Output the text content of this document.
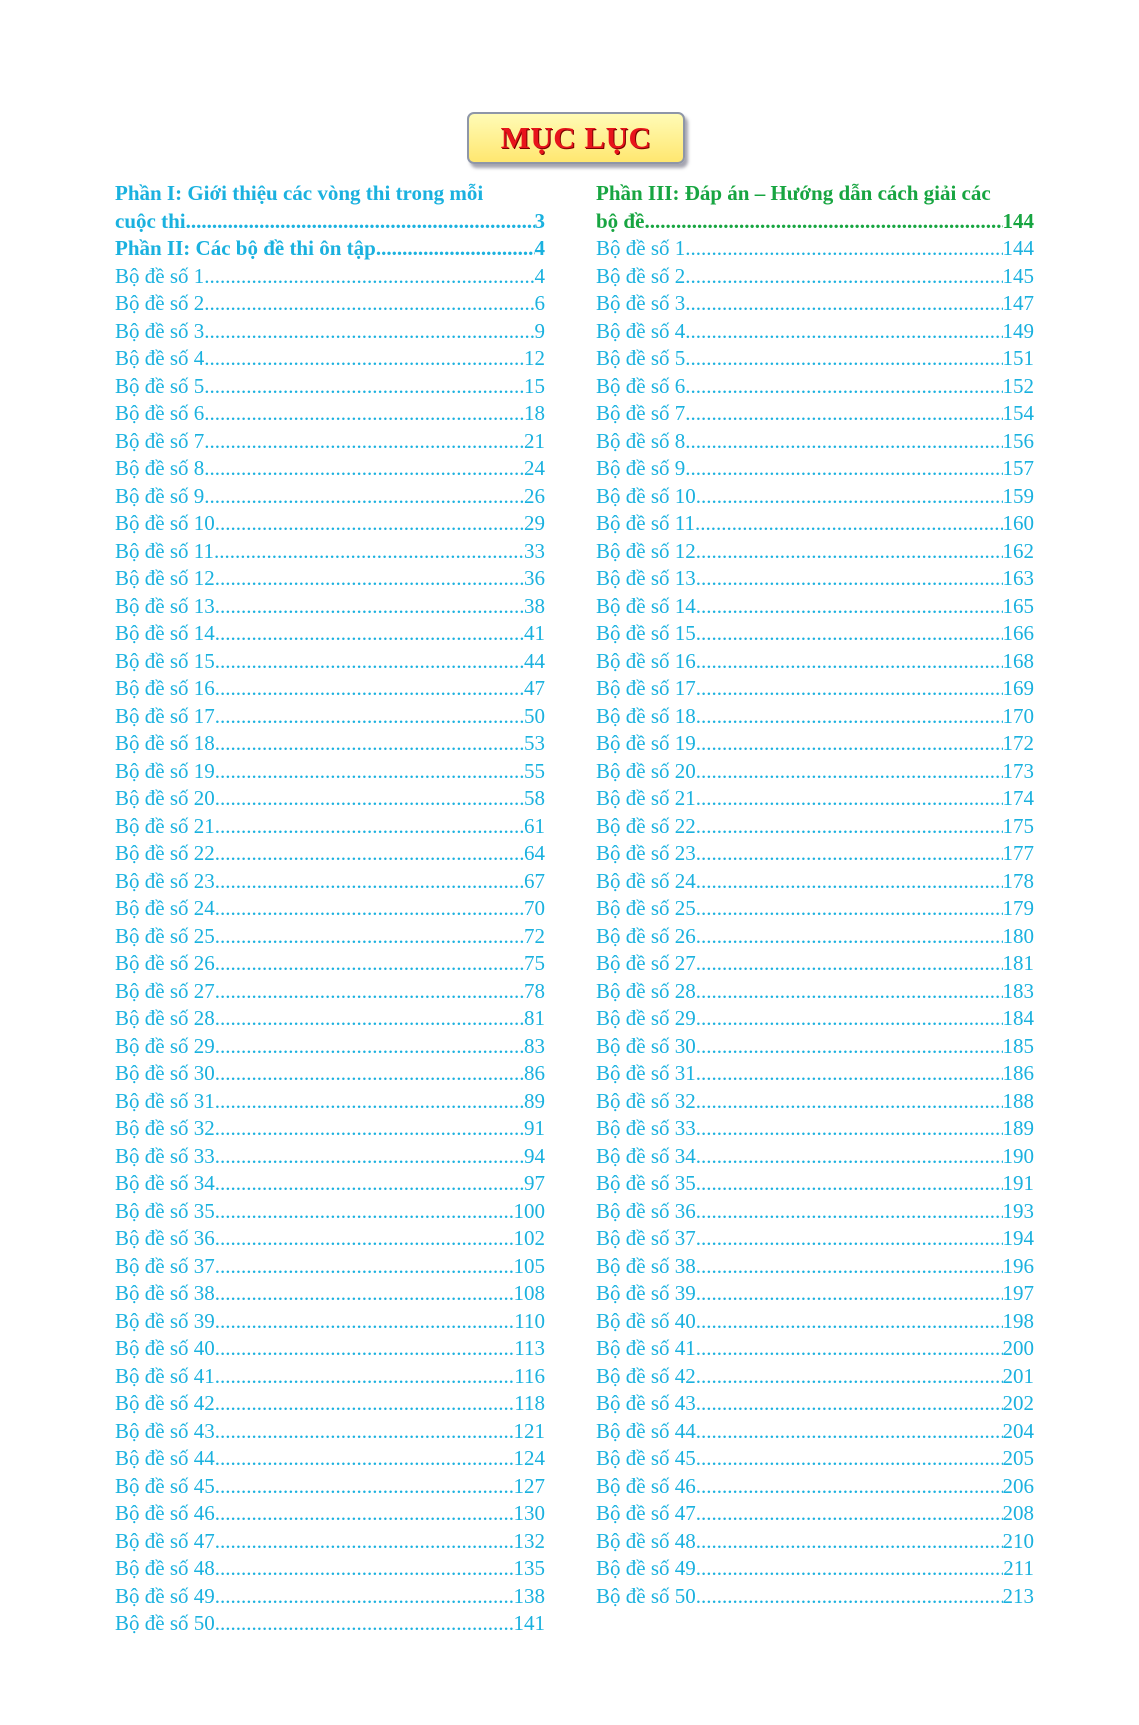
MỤC LỤC
Phần I: Giới thiệu các vòng thi trong mỗi
cuộc thi .....	3
Phần II: Các bộ đề thi ôn tập .....	4
Bộ đề số 1 .....	4
Bộ đề số 2 .....	6
Bộ đề số 3 .....	9
Bộ đề số 4 .....	12
Bộ đề số 5 .....	15
Bộ đề số 6 .....	18
Bộ đề số 7 .....	21
Bộ đề số 8 .....	24
Bộ đề số 9 .....	26
Bộ đề số 10 .....	29
Bộ đề số 11 .....	33
Bộ đề số 12 .....	36
Bộ đề số 13 .....	38
Bộ đề số 14 .....	41
Bộ đề số 15 .....	44
Bộ đề số 16 .....	47
Bộ đề số 17 .....	50
Bộ đề số 18 .....	53
Bộ đề số 19 .....	55
Bộ đề số 20 .....	58
Bộ đề số 21 .....	61
Bộ đề số 22 .....	64
Bộ đề số 23 .....	67
Bộ đề số 24 .....	70
Bộ đề số 25 .....	72
Bộ đề số 26 .....	75
Bộ đề số 27 .....	78
Bộ đề số 28 .....	81
Bộ đề số 29 .....	83
Bộ đề số 30 .....	86
Bộ đề số 31 .....	89
Bộ đề số 32 .....	91
Bộ đề số 33 .....	94
Bộ đề số 34 .....	97
Bộ đề số 35 .....	100
Bộ đề số 36 .....	102
Bộ đề số 37 .....	105
Bộ đề số 38 .....	108
Bộ đề số 39 .....	110
Bộ đề số 40 .....	113
Bộ đề số 41 .....	116
Bộ đề số 42 .....	118
Bộ đề số 43 .....	121
Bộ đề số 44 .....	124
Bộ đề số 45 .....	127
Bộ đề số 46 .....	130
Bộ đề số 47 .....	132
Bộ đề số 48 .....	135
Bộ đề số 49 .....	138
Bộ đề số 50 .....	141
Phần III: Đáp án – Hướng dẫn cách giải các
bộ đề .....	144
Bộ đề số 1 .....	144
Bộ đề số 2 .....	145
Bộ đề số 3 .....	147
Bộ đề số 4 .....	149
Bộ đề số 5 .....	151
Bộ đề số 6 .....	152
Bộ đề số 7 .....	154
Bộ đề số 8 .....	156
Bộ đề số 9 .....	157
Bộ đề số 10 .....	159
Bộ đề số 11 .....	160
Bộ đề số 12 .....	162
Bộ đề số 13 .....	163
Bộ đề số 14 .....	165
Bộ đề số 15 .....	166
Bộ đề số 16 .....	168
Bộ đề số 17 .....	169
Bộ đề số 18 .....	170
Bộ đề số 19 .....	172
Bộ đề số 20 .....	173
Bộ đề số 21 .....	174
Bộ đề số 22 .....	175
Bộ đề số 23 .....	177
Bộ đề số 24 .....	178
Bộ đề số 25 .....	179
Bộ đề số 26 .....	180
Bộ đề số 27 .....	181
Bộ đề số 28 .....	183
Bộ đề số 29 .....	184
Bộ đề số 30 .....	185
Bộ đề số 31 .....	186
Bộ đề số 32 .....	188
Bộ đề số 33 .....	189
Bộ đề số 34 .....	190
Bộ đề số 35 .....	191
Bộ đề số 36 .....	193
Bộ đề số 37 .....	194
Bộ đề số 38 .....	196
Bộ đề số 39 .....	197
Bộ đề số 40 .....	198
Bộ đề số 41 .....	200
Bộ đề số 42 .....	201
Bộ đề số 43 .....	202
Bộ đề số 44 .....	204
Bộ đề số 45 .....	205
Bộ đề số 46 .....	206
Bộ đề số 47 .....	208
Bộ đề số 48 .....	210
Bộ đề số 49 .....	211
Bộ đề số 50 .....	213
